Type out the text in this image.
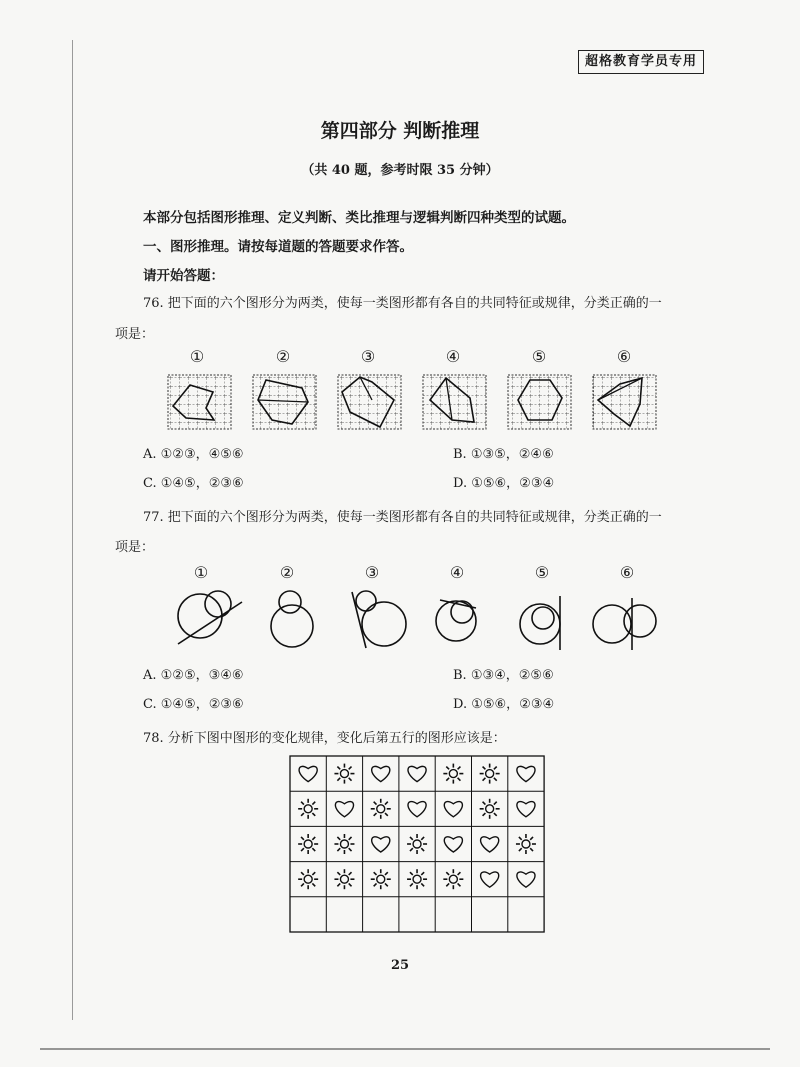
超格教育学员专用
第四部分 判断推理
（共 40 题，参考时限 35 分钟）
本部分包括图形推理、定义判断、类比推理与逻辑判断四种类型的试题。
一、图形推理。请按每道题的答题要求作答。
请开始答题：
76. 把下面的六个图形分为两类，使每一类图形都有各自的共同特征或规律，分类正确的一
项是：
①	②	③	④	⑤	⑥
A. ①②③，④⑤⑥	B. ①③⑤，②④⑥
C. ①④⑤，②③⑥	D. ①⑤⑥，②③④
77. 把下面的六个图形分为两类，使每一类图形都有各自的共同特征或规律，分类正确的一
项是：
①	②	③	④	⑤	⑥
A. ①②⑤，③④⑥	B. ①③④，②⑤⑥
C. ①④⑤，②③⑥	D. ①⑤⑥，②③④
78. 分析下图中图形的变化规律，变化后第五行的图形应该是：
25
